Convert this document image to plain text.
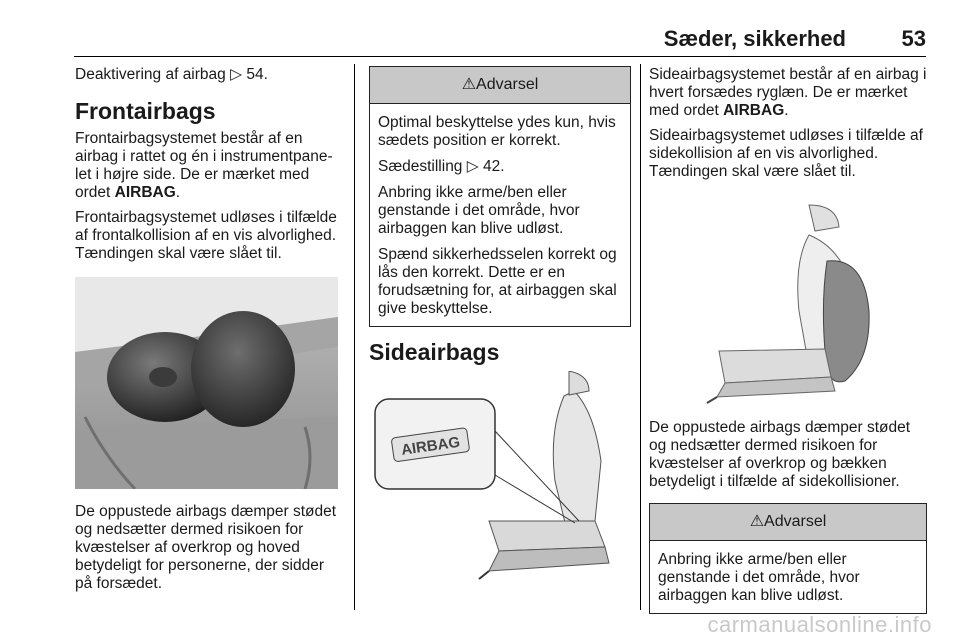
Sæder, sikkerhed	53

Deaktivering af airbag ▷ 54.

Frontairbags

Frontairbagsystemet består af en airbag i rattet og én i instrumentpane-let i højre side. De er mærket med ordet AIRBAG.

Frontairbagsystemet udløses i tilfælde af frontalkollision af en vis alvorlighed. Tændingen skal være slået til.

De oppustede airbags dæmper stødet og nedsætter dermed risikoen for kvæstelser af overkrop og hoved betydeligt for personerne, der sidder på forsædet.

⚠Advarsel

Optimal beskyttelse ydes kun, hvis sædets position er korrekt.

Sædestilling ▷ 42.

Anbring ikke arme/ben eller genstande i det område, hvor airbaggen kan blive udløst.

Spænd sikkerhedsselen korrekt og lås den korrekt. Dette er en forudsætning for, at airbaggen skal give beskyttelse.

Sideairbags
AIRBAG

Sideairbagsystemet består af en airbag i hvert forsædes ryglæn. De er mærket med ordet AIRBAG.

Sideairbagsystemet udløses i tilfælde af sidekollision af en vis alvorlighed. Tændingen skal være slået til.

De oppustede airbags dæmper stødet og nedsætter dermed risikoen for kvæstelser af overkrop og bækken betydeligt i tilfælde af sidekollisioner.

⚠Advarsel

Anbring ikke arme/ben eller genstande i det område, hvor airbaggen kan blive udløst.

carmanualsonline.info
